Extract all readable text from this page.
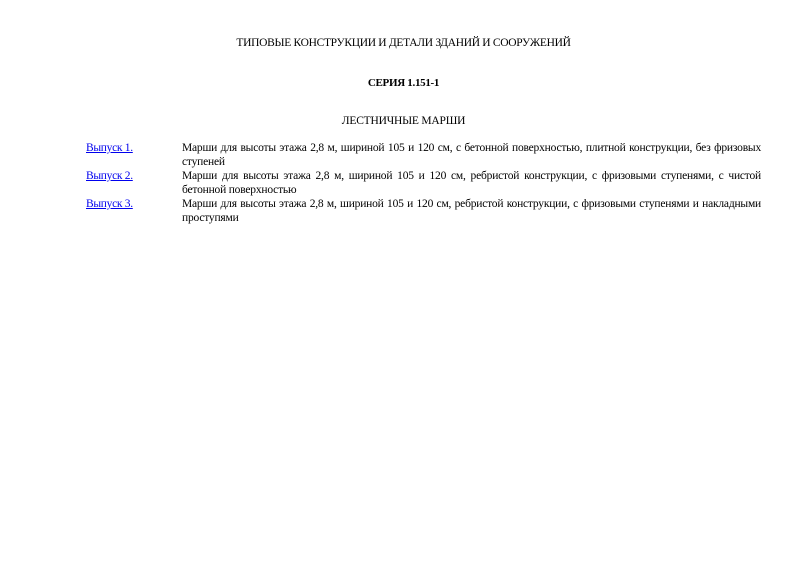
ТИПОВЫЕ КОНСТРУКЦИИ И ДЕТАЛИ ЗДАНИЙ И СООРУЖЕНИЙ
СЕРИЯ 1.151-1
ЛЕСТНИЧНЫЕ МАРШИ
Выпуск 1.	Марши для высоты этажа 2,8 м, шириной 105 и 120 см, с бетонной поверхностью, плитной конструкции, без фризовых ступеней
Выпуск 2.	Марши для высоты этажа 2,8 м, шириной 105 и 120 см, ребристой конструкции, с фризовыми ступенями, с чистой бетонной поверхностью
Выпуск 3.	Марши для высоты этажа 2,8 м, шириной 105 и 120 см, ребристой конструкции, с фризовыми ступенями и накладными проступями
